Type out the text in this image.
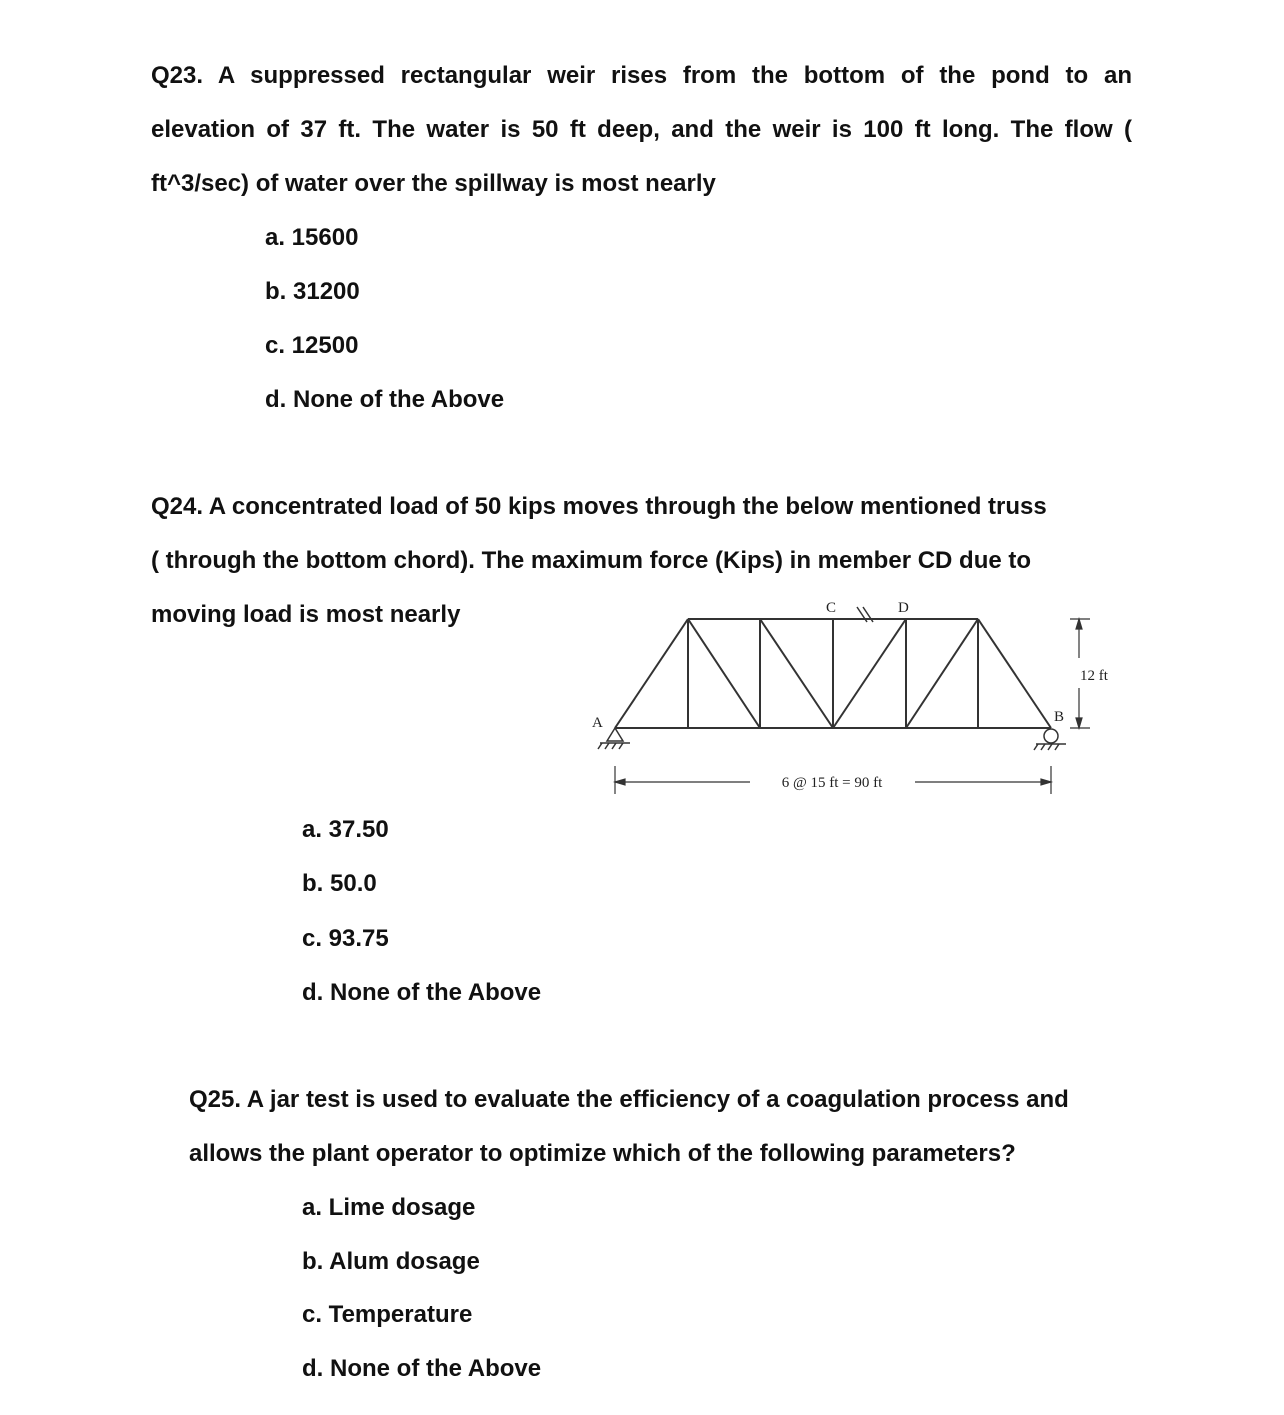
Q23. A suppressed rectangular weir rises from the bottom of the pond to an
elevation of 37 ft. The water is 50 ft deep, and the weir is 100 ft long. The flow (
ft^3/sec) of water over the spillway is most nearly
a. 15600
b. 31200
c. 12500
d. None of the Above
Q24. A concentrated load of 50 kips moves through the below mentioned truss
( through the bottom chord). The maximum force (Kips) in member CD due to
moving load is most nearly
A	B
C	D
12 ft
6 @ 15 ft = 90 ft
a. 37.50
b. 50.0
c. 93.75
d. None of the Above
Q25. A jar test is used to evaluate the efficiency of a coagulation process and
allows the plant operator to optimize which of the following parameters?
a. Lime dosage
b. Alum dosage
c. Temperature
d. None of the Above
